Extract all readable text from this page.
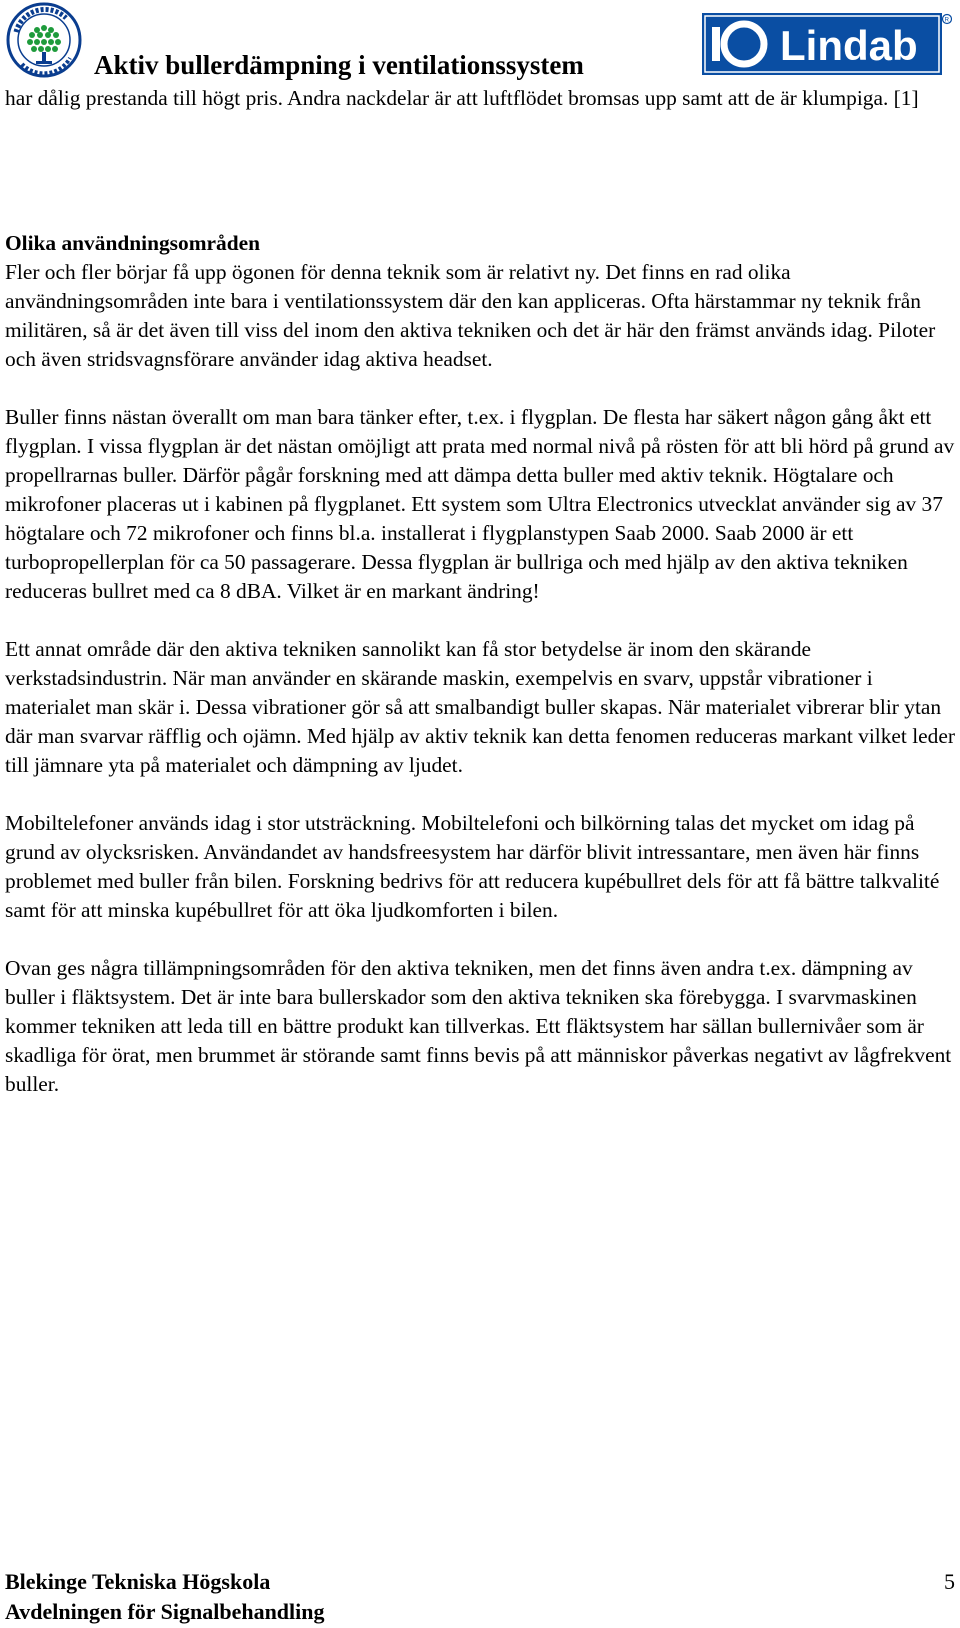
Aktiv bullerdämpning i ventilationssystem	Lindab
R

har dålig prestanda till högt pris. Andra nackdelar är att luftflödet bromsas upp samt att de är klumpiga. [1]

Olika användningsområden

Fler och fler börjar få upp ögonen för denna teknik som är relativt ny. Det finns en rad olika användningsområden inte bara i ventilationssystem där den kan appliceras. Ofta härstammar ny teknik från militären, så är det även till viss del inom den aktiva tekniken och det är här den främst används idag. Piloter och även stridsvagnsförare använder idag aktiva headset.

Buller finns nästan överallt om man bara tänker efter, t.ex. i flygplan. De flesta har säkert någon gång åkt ett flygplan. I vissa flygplan är det nästan omöjligt att prata med normal nivå på rösten för att bli hörd på grund av propellrarnas buller. Därför pågår forskning med att dämpa detta buller med aktiv teknik. Högtalare och mikrofoner placeras ut i kabinen på flygplanet. Ett system som Ultra Electronics utvecklat använder sig av 37 högtalare och 72 mikrofoner och finns bl.a. installerat i flygplanstypen Saab 2000. Saab 2000 är ett turbopropellerplan för ca 50 passagerare. Dessa flygplan är bullriga och med hjälp av den aktiva tekniken reduceras bullret med ca 8 dBA. Vilket är en markant ändring!

Ett annat område där den aktiva tekniken sannolikt kan få stor betydelse är inom den skärande verkstadsindustrin. När man använder en skärande maskin, exempelvis en svarv, uppstår vibrationer i materialet man skär i. Dessa vibrationer gör så att smalbandigt buller skapas. När materialet vibrerar blir ytan där man svarvar räfflig och ojämn. Med hjälp av aktiv teknik kan detta fenomen reduceras markant vilket leder till jämnare yta på materialet och dämpning av ljudet.

Mobiltelefoner används idag i stor utsträckning. Mobiltelefoni och bilkörning talas det mycket om idag på grund av olycksrisken. Användandet av handsfreesystem har därför blivit intressantare, men även här finns problemet med buller från bilen. Forskning bedrivs för att reducera kupébullret dels för att få bättre talkvalité samt för att minska kupébullret för att öka ljudkomforten i bilen.

Ovan ges några tillämpningsområden för den aktiva tekniken, men det finns även andra t.ex. dämpning av buller i fläktsystem. Det är inte bara bullerskador som den aktiva tekniken ska förebygga. I svarvmaskinen kommer tekniken att leda till en bättre produkt kan tillverkas. Ett fläktsystem har sällan bullernivåer som är skadliga för örat, men brummet är störande samt finns bevis på att människor påverkas negativt av lågfrekvent buller.

Blekinge Tekniska Högskola
Avdelningen för Signalbehandling
5
